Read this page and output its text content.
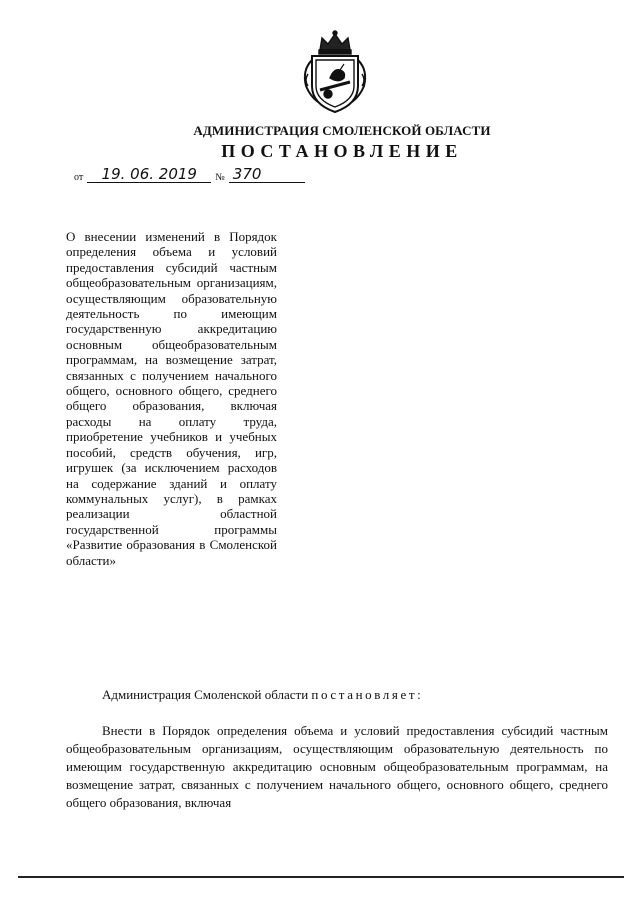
АДМИНИСТРАЦИЯ СМОЛЕНСКОЙ ОБЛАСТИ
ПОСТАНОВЛЕНИЕ
от	19. 06. 2019	№ 370
О внесении изменений в Порядок определения объема и условий предоставления субсидий частным общеобразовательным организациям, осуществляющим образовательную деятельность по имеющим государственную аккредитацию основным общеобразовательным программам, на возмещение затрат, связанных с получением начального общего, основного общего, среднего общего образования, включая расходы на оплату труда, приобретение учебников и учебных пособий, средств обучения, игр, игрушек (за исключением расходов на содержание зданий и оплату коммунальных услуг), в рамках реализации областной государственной программы «Развитие образования в Смоленской области»
Администрация Смоленской области постановляет:
Внести в Порядок определения объема и условий предоставления субсидий частным общеобразовательным организациям, осуществляющим образовательную деятельность по имеющим государственную аккредитацию основным общеобразовательным программам, на возмещение затрат, связанных с получением начального общего, основного общего, среднего общего образования, включая
